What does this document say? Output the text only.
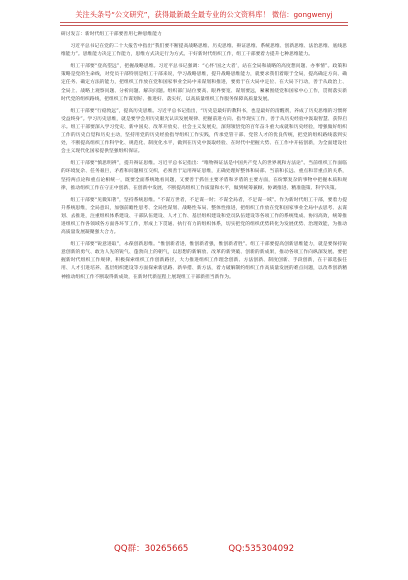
关注头条号“公文研究”，获得最新最全最专业的公文资料库！ 微信：gongwenyj

研讨发言：新时代组工干部要善用七种思维能力

习近平总书记在党的二十大报告中指出“我们要不断提高战略思维、历史思维、辩证思维、系统思维、创新思维、法治思维、底线思维能力”。思维能力决定工作能力，思维方式决定行为方式。干好新时代组织工作，组工干部要着力提升七种思维能力。

组工干部要“登高望远”，把握战略思维。习近平总书记强调：“心怀‘国之大者’，站在全局和战略的高度想问题、办事情”。政策和策略是党的生命线，对党员干部特别是组工干部来说，学习战略思维，提升战略思维能力，就要求我们着眼于全局，提高确定方向、确定任务、确定方法的能力，把组织工作放在党和国家事业全局中来谋划和推进，要勇于在大局中定位、在大局下行动，善于从政治上、全局上、战略上观察问题、分析问题、解决问题。组织部门站位要高、眼界要宽、谋划要远，紧紧围绕党和国家中心工作，贯彻落实新时代党的组织路线，把组织工作谋划好、推进好、落实好，以高质量组织工作服务保障高质量发展。

组工干部要“行稳致远”，提高历史思维。习近平总书记指出，“历史是最好的教科书，也是最好的清醒剂，养成了历史思维的习惯将受益终身”。学习历史思维，就是要学会用历史眼光认识发展规律、把握前进方向、指导现实工作，善于从历史经验中汲取智慧、获得启示。组工干部要深入学习党史、新中国史、改革开放史、社会主义发展史，深刻领悟党的百年奋斗重大成就和历史经验，增强做好组织工作的历史自觉和历史主动，坚持用党的历史经验指导组织工作实践，传承党管干部、党管人才的优良传统，把党的组织路线落到实处，不断提高组织工作科学化、规范化、制度化水平，做到在历史中汲取经验、在时代中把握大势、在工作中开拓创新，为全面建设社会主义现代化国家提供坚强组织保证。

组工干部要“慎思明辨”，提升辩证思维。习近平总书记指出：“唯物辩证法是中国共产党人的世界观和方法论”。当前组织工作面临的环境复杂、任务艰巨，矛盾和问题相互交织，必须善于运用辩证思维，正确处理好整体和局部、当前和长远、重点和非重点的关系，坚持两点论和重点论相统一，既要全面系统地看问题，又要善于抓住主要矛盾和矛盾的主要方面，在纷繁复杂的事物中把握本质和规律，推动组织工作在守正中创新、在创新中发展，不断提高组织工作质量和水平，做到统筹兼顾、协调推进、精准施策、科学决策。

组工干部要“见微知著”，坚持系统思维。“不谋万世者，不足谋一时；不谋全局者，不足谋一域”。作为新时代组工干部，要着力提升系统思维，全局意识，加强前瞻性思考、全局性谋划、战略性布局、整体性推进，把组织工作放在党和国家事业全局中去思考、去谋划、去推进，注重组织体系建设、干部队伍建设、人才工作、基层组织建设和党员队伍建设等各项工作的系统集成、协同高效，统筹推进组织工作各领域各方面各环节工作，形成上下贯通、执行有力的组织体系，切实把党的组织优势转化为发展优势、治理效能，为推动高质量发展凝聚强大合力。

组工干部要“锐意进取”，永葆创新思维。“惟创新者进，惟创新者强，惟创新者胜”。组工干部要提高创新思维能力，就是要保持锐意创新的勇气、敢为人先的锐气、蓬勃向上的朝气，以思想的新解放、改革的新突破、创新的新成果，推动各项工作向纵深发展。要把握新时代组织工作规律，积极探索组织工作创新路径，大力推进组织工作理念创新、方法创新、制度创新、手段创新，在干部选拔任用、人才引进培养、基层组织建设等方面探索新思路、新举措、新方法，着力破解制约组织工作高质量发展的难点问题，以改革创新精神推动组织工作不断取得新成效，在新时代新征程上展现组工干部新担当新作为。

QQ群：30265665	QQ:535304092
